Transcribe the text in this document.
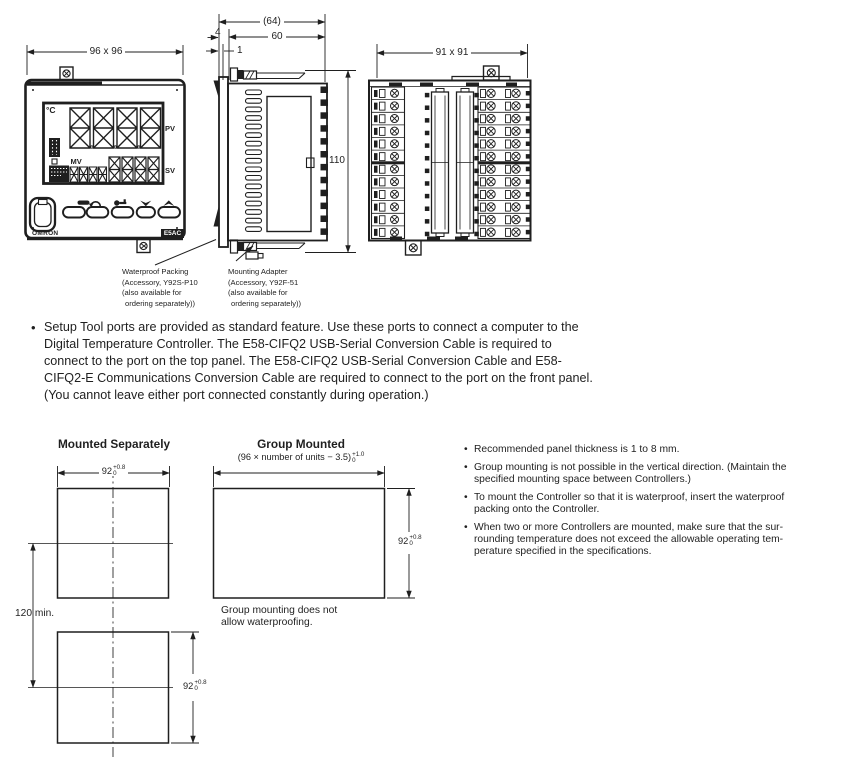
96 x 96
(64)
60
4
1
110
91 x 91
°C
PV
MV
SV
OMRON	E5AC
Waterproof Packing
(Accessory, Y92S-P10
(also available for
ordering separately))
Mounting Adapter
(Accessory, Y92F-51
(also available for
ordering separately))
• Setup Tool ports are provided as standard feature. Use these ports to connect a computer to the
Digital Temperature Controller. The E58-CIFQ2 USB-Serial Conversion Cable is required to
connect to the port on the top panel. The E58-CIFQ2 USB-Serial Conversion Cable and E58-
CIFQ2-E Communications Conversion Cable are required to connect to the port on the front panel.
(You cannot leave either port connected constantly during operation.)
Mounted Separately	Group Mounted
(96 × number of units − 3.5) +1.0
0
92 +0.8
0
120 min.
92 +0.8
0
92 +0.8
0
Group mounting does not
allow waterproofing.
• Recommended panel thickness is 1 to 8 mm.
• Group mounting is not possible in the vertical direction. (Maintain the
specified mounting space between Controllers.)
• To mount the Controller so that it is waterproof, insert the waterproof
packing onto the Controller.
• When two or more Controllers are mounted, make sure that the sur-
rounding temperature does not exceed the allowable operating tem-
perature specified in the specifications.
